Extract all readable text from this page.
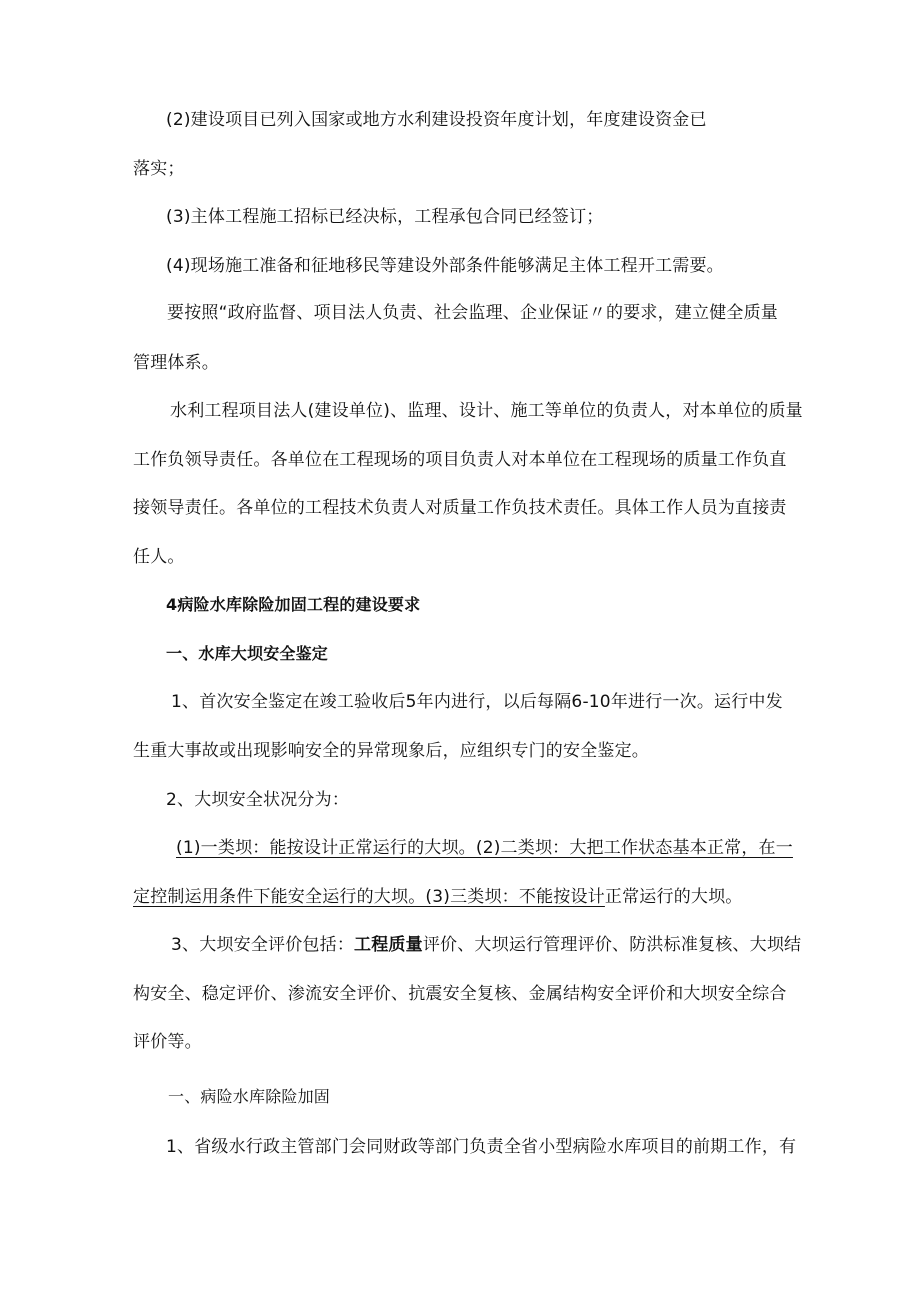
(2)建设项目已列入国家或地方水利建设投资年度计划，年度建设资金已
落实；
(3)主体工程施工招标已经决标，工程承包合同已经签订；
(4)现场施工准备和征地移民等建设外部条件能够满足主体工程开工需要。
要按照“政府监督、项目法人负责、社会监理、企业保证〃的要求，建立健全质量
管理体系。
水利工程项目法人(建设单位)、监理、设计、施工等单位的负责人，对本单位的质量
工作负领导责任。各单位在工程现场的项目负责人对本单位在工程现场的质量工作负直
接领导责任。各单位的工程技术负责人对质量工作负技术责任。具体工作人员为直接责
任人。
4病险水库除险加固工程的建设要求
一、水库大坝安全鉴定
1、首次安全鉴定在竣工验收后5年内进行，以后每隔6-10年进行一次。运行中发
生重大事故或出现影响安全的异常现象后，应组织专门的安全鉴定。
2、大坝安全状况分为：
(1)一类坝：能按设计正常运行的大坝。(2)二类坝：大把工作状态基本正常，在一
定控制运用条件下能安全运行的大坝。(3)三类坝：不能按设计正常运行的大坝。
3、大坝安全评价包括：工程质量评价、大坝运行管理评价、防洪标准复核、大坝结
构安全、稳定评价、渗流安全评价、抗震安全复核、金属结构安全评价和大坝安全综合
评价等。
一、病险水库除险加固
1、省级水行政主管部门会同财政等部门负责全省小型病险水库项目的前期工作，有
